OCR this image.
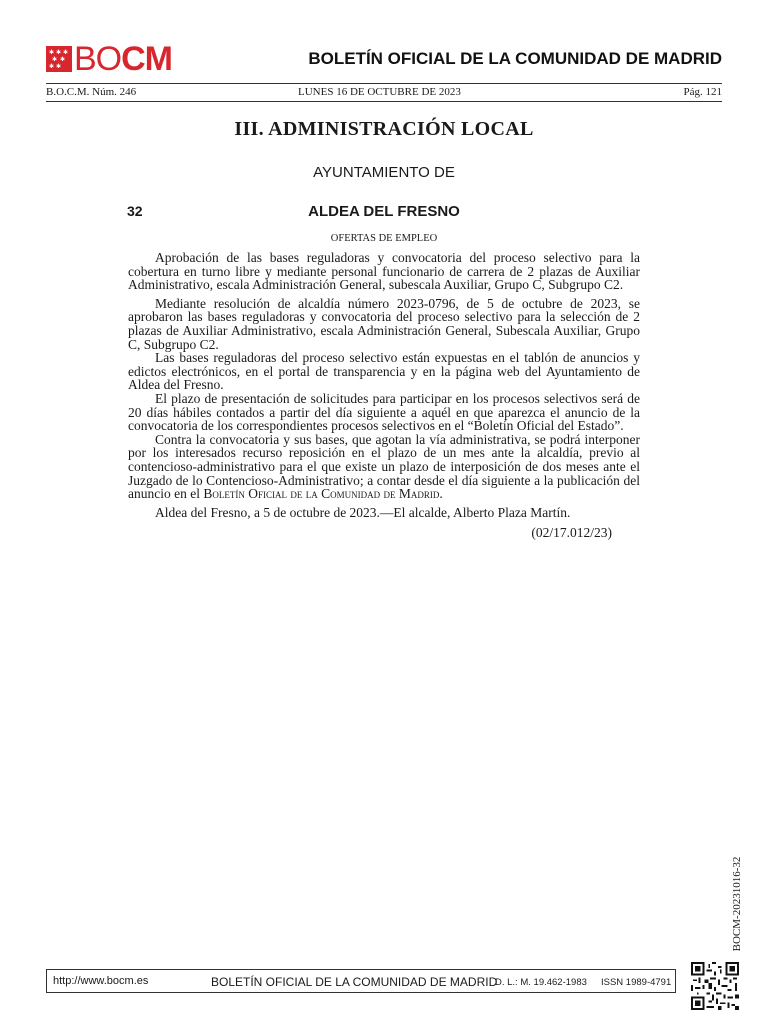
✱ ✱ ✱
✱ ✱
✱ ✱ BOCM	BOLETÍN OFICIAL DE LA COMUNIDAD DE MADRID
B.O.C.M. Núm. 246	LUNES 16 DE OCTUBRE DE 2023	Pág. 121
III. ADMINISTRACIÓN LOCAL
AYUNTAMIENTO DE
32	ALDEA DEL FRESNO
OFERTAS DE EMPLEO

Aprobación de las bases reguladoras y convocatoria del proceso selectivo para la cobertura en turno libre y mediante personal funcionario de carrera de 2 plazas de Auxiliar Administrativo, escala Administración General, subescala Auxiliar, Grupo C, Subgrupo C2.

Mediante resolución de alcaldía número 2023-0796, de 5 de octubre de 2023, se aprobaron las bases reguladoras y convocatoria del proceso selectivo para la selección de 2 plazas de Auxiliar Administrativo, escala Administración General, Subescala Auxiliar, Grupo C, Subgrupo C2.

Las bases reguladoras del proceso selectivo están expuestas en el tablón de anuncios y edictos electrónicos, en el portal de transparencia y en la página web del Ayuntamiento de Aldea del Fresno.

El plazo de presentación de solicitudes para participar en los procesos selectivos será de 20 días hábiles contados a partir del día siguiente a aquél en que aparezca el anuncio de la convocatoria de los correspondientes procesos selectivos en el “Boletín Oficial del Estado”.

Contra la convocatoria y sus bases, que agotan la vía administrativa, se podrá interponer por los interesados recurso reposición en el plazo de un mes ante la alcaldía, previo al contencioso-administrativo para el que existe un plazo de interposición de dos meses ante el Juzgado de lo Contencioso-Administrativo; a contar desde el día siguiente a la publicación del anuncio en el Boletín Oficial de la Comunidad de Madrid.

Aldea del Fresno, a 5 de octubre de 2023.—El alcalde, Alberto Plaza Martín.

(02/17.012/23)
BOCM-20231016-32
http://www.bocm.es	BOLETÍN OFICIAL DE LA COMUNIDAD DE MADRID
D. L.: M. 19.462-1983 ISSN 1989-4791
